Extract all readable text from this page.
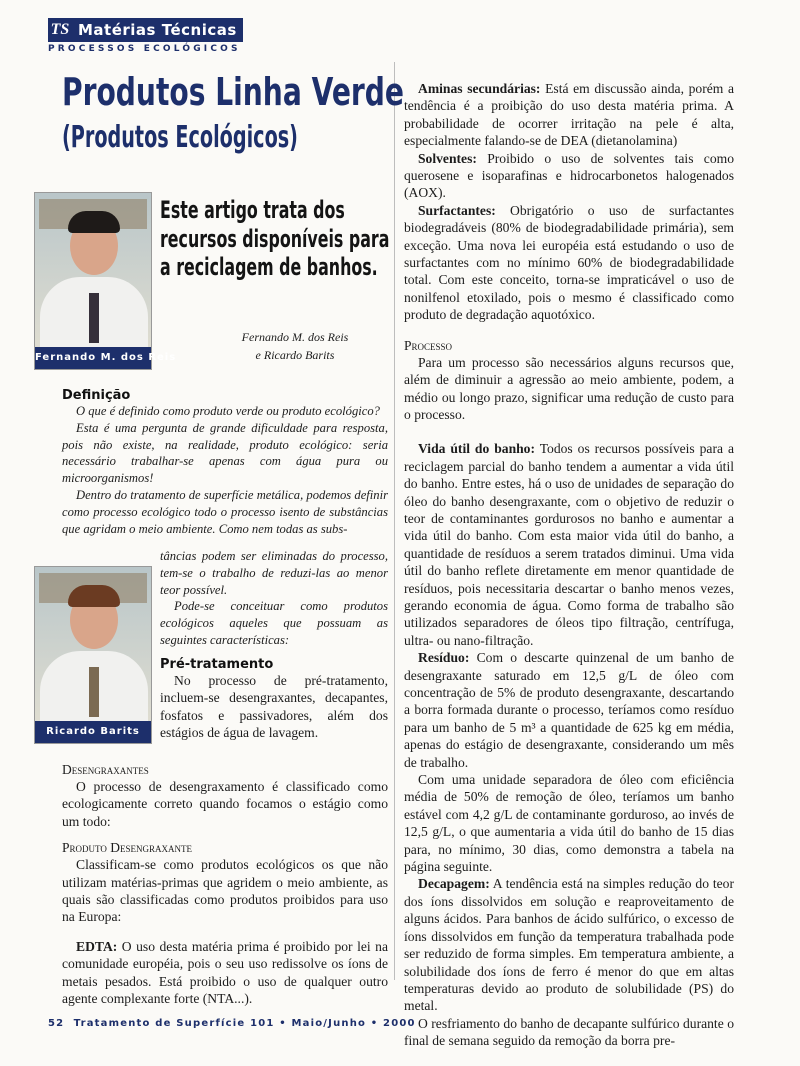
TS Matérias Técnicas
PROCESSOS ECOLÓGICOS
Produtos Linha Verde
(Produtos Ecológicos)
Fernando M. dos Reis
Este artigo trata dos
recursos disponíveis para
a reciclagem de banhos.
Fernando M. dos Reis
e Ricardo Barits
Definição

O que é definido como produto verde ou produto ecológico?

Esta é uma pergunta de grande dificuldade para resposta, pois não existe, na realidade, produto ecológico: seria necessário trabalhar-se apenas com água pura ou microorganismos!

Dentro do tratamento de superfície metálica, podemos definir como processo ecológico todo o processo isento de substâncias que agridam o meio ambiente. Como nem todas as subs-

Ricardo Barits

tâncias podem ser eliminadas do processo, tem-se o trabalho de reduzi-las ao menor teor possível.

Pode-se conceituar como produtos ecológicos aqueles que possuam as seguintes características:

Pré-tratamento

No processo de pré-tratamento, incluem-se desengraxantes, decapantes, fosfatos e passivadores, além dos estágios de água de lavagem.

Desengraxantes

O processo de desengraxamento é classificado como ecologicamente correto quando focamos o estágio como um todo:

Produto Desengraxante

Classificam-se como produtos ecológicos os que não utilizam matérias-primas que agridem o meio ambiente, as quais são classificadas como produtos proibidos para uso na Europa:

EDTA: O uso desta matéria prima é proibido por lei na comunidade européia, pois o seu uso redissolve os íons de metais pesados. Está proibido o uso de qualquer outro agente complexante forte (NTA...).

Aminas secundárias: Está em discussão ainda, porém a tendência é a proibição do uso desta matéria prima. A probabilidade de ocorrer irritação na pele é alta, especialmente falando-se de DEA (dietanolamina)

Solventes: Proibido o uso de solventes tais como querosene e isoparafinas e hidrocarbonetos halogenados (AOX).

Surfactantes: Obrigatório o uso de surfactantes biodegradáveis (80% de biodegradabilidade primária), sem exceção. Uma nova lei européia está estudando o uso de surfactantes com no mínimo 60% de biodegradabilidade total. Com este conceito, torna-se impraticável o uso de nonilfenol etoxilado, pois o mesmo é classificado como produto de degradação aquotóxico.

Processo

Para um processo são necessários alguns recursos que, além de diminuir a agressão ao meio ambiente, podem, a médio ou longo prazo, significar uma redução de custo para o processo.

Vida útil do banho: Todos os recursos possíveis para a reciclagem parcial do banho tendem a aumentar a vida útil do banho. Entre estes, há o uso de unidades de separação do óleo do banho desengraxante, com o objetivo de reduzir o teor de contaminantes gordurosos no banho e aumentar a vida útil do banho. Com esta maior vida útil do banho, a quantidade de resíduos a serem tratados diminui. Uma vida útil do banho reflete diretamente em menor quantidade de resíduos, pois necessitaria descartar o banho menos vezes, gerando economia de água. Como forma de trabalho são utilizados separadores de óleos tipo filtração, centrífuga, ultra- ou nano-filtração.

Resíduo: Com o descarte quinzenal de um banho de desengraxante saturado em 12,5 g/L de óleo com concentração de 5% de produto desengraxante, descartando a borra formada durante o processo, teríamos como resíduo para um banho de 5 m³ a quantidade de 625 kg em média, apenas do estágio de desengraxante, considerando um mês de trabalho.

Com uma unidade separadora de óleo com eficiência média de 50% de remoção de óleo, teríamos um banho estável com 4,2 g/L de contaminante gorduroso, ao invés de 12,5 g/L, o que aumentaria a vida útil do banho de 15 dias para, no mínimo, 30 dias, como demonstra a tabela na página seguinte.

Decapagem: A tendência está na simples redução do teor dos íons dissolvidos em solução e reaproveitamento de alguns ácidos. Para banhos de ácido sulfúrico, o excesso de íons dissolvidos em função da temperatura trabalhada pode ser reduzido de forma simples. Em temperatura ambiente, a solubilidade dos íons de ferro é menor do que em altas temperaturas devido ao produto de solubilidade (PS) do metal.

O resfriamento do banho de decapante sulfúrico durante o final de semana seguido da remoção da borra pre-

52  Tratamento de Superfície 101 • Maio/Junho • 2000
